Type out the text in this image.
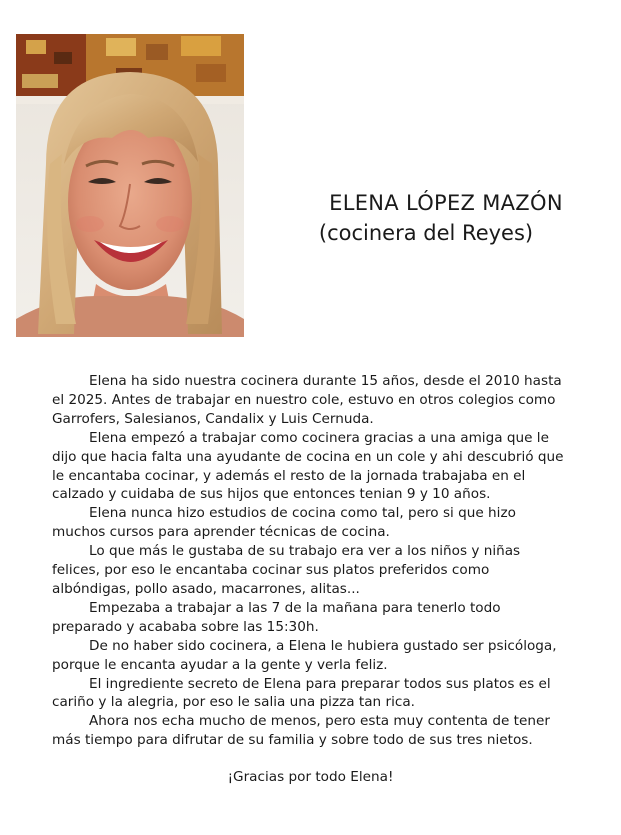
ELENA LÓPEZ MAZÓN
(cocinera del Reyes)

Elena ha sido nuestra cocinera durante 15 años, desde el 2010 hasta el 2025. Antes de trabajar en nuestro cole, estuvo en otros colegios como Garrofers, Salesianos, Candalix y Luis Cernuda.

Elena empezó a trabajar como cocinera gracias a una amiga que le dijo que hacia falta una ayudante de cocina en un cole y ahi descubrió que le encantaba cocinar, y además el resto de la jornada trabajaba en el calzado y cuidaba de sus hijos que entonces tenian 9 y 10 años.

Elena nunca hizo estudios de cocina como tal, pero si que hizo muchos cursos para aprender técnicas de cocina.

Lo que más le gustaba de su trabajo era ver a los niños y niñas felices, por eso le encantaba cocinar sus platos preferidos como albóndigas, pollo asado, macarrones, alitas...

Empezaba a trabajar a las 7 de la mañana para tenerlo todo preparado y acababa sobre las 15:30h.

De no haber sido cocinera, a Elena le hubiera gustado ser psicóloga, porque le encanta ayudar a la gente y verla feliz.

El ingrediente secreto de Elena para preparar todos sus platos es el cariño y la alegria, por eso le salia una pizza tan rica.

Ahora nos echa mucho de menos, pero esta muy contenta de tener más tiempo para difrutar de su familia y sobre todo de sus tres nietos.

¡Gracias por todo Elena!
